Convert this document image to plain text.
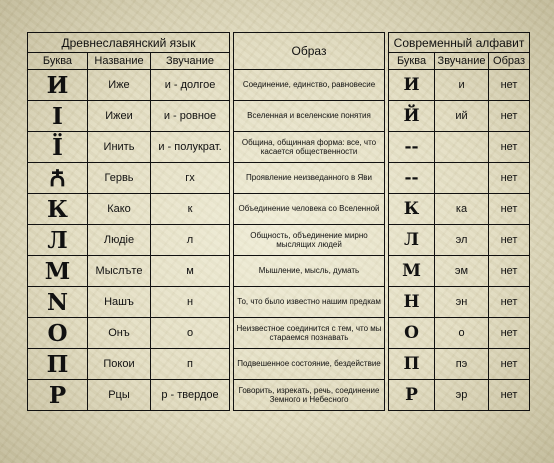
Древнеславянский язык				Образ		Современный алфавит		
Буква	Название	Звучание				Буква	Звучание	Образ
И	Иже	и - долгое		Соединение, единство, равновесие		И	и	нет
І	Ижеи	и - ровное		Вселенная и вселенские понятия		Й	ий	нет
Ї	Инить	и - полукрат.		Община, общинная форма: все, что касается общественности		--		нет
Ꙉ	Гервь	гх		Проявление неизведанного в Яви		--		нет
К	Како	к		Объединение человека со Вселенной		К	ка	нет
Л	Людiе	л		Общность, объединение мирно мыслящих людей		Л	эл	нет
М	Мыслъте	м		Мышление, мысль, думать		М	эм	нет
N	Нашъ	н		То, что было известно нашим предкам		Н	эн	нет
О	Онъ	о		Неизвестное соединится с тем, что мы стараемся познавать		О	о	нет
П	Покои	п		Подвешенное состояние, бездействие		П	пэ	нет
Р	Рцы	р - твердое		Говорить, изрекать, речь, соединение Земного и Небесного		Р	эр	нет
